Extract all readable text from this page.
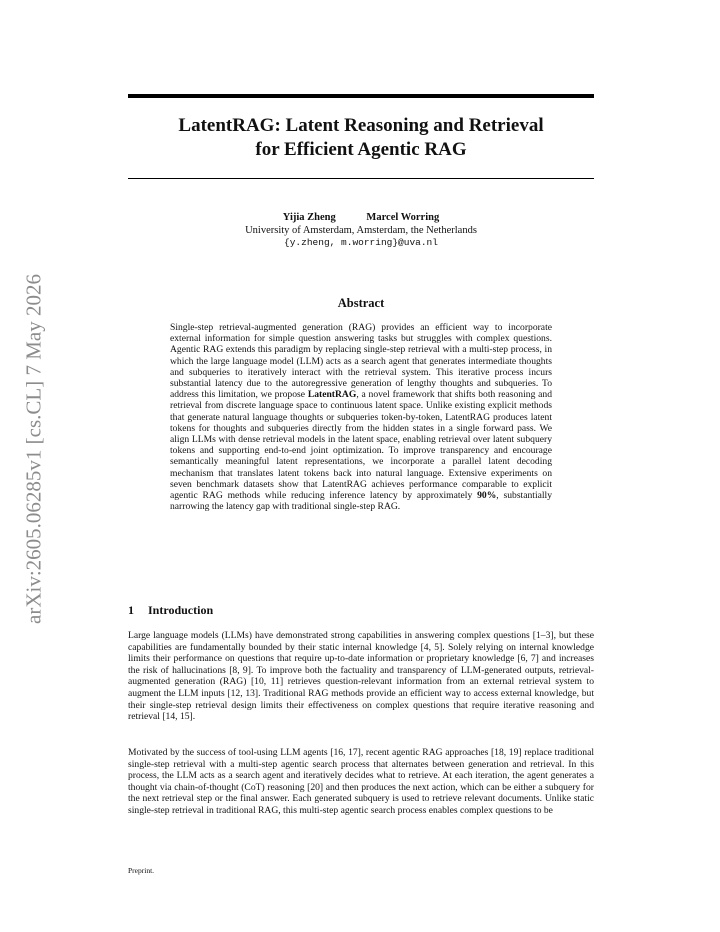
arXiv:2605.06285v1 [cs.CL] 7 May 2026
LatentRAG: Latent Reasoning and Retrieval
for Efficient Agentic RAG
Yijia Zheng	Marcel Worring
University of Amsterdam, Amsterdam, the Netherlands
{y.zheng, m.worring}@uva.nl
Abstract
Single-step retrieval-augmented generation (RAG) provides an efficient way to incorporate external information for simple question answering tasks but struggles with complex questions. Agentic RAG extends this paradigm by replacing single-step retrieval with a multi-step process, in which the large language model (LLM) acts as a search agent that generates intermediate thoughts and subqueries to iteratively interact with the retrieval system. This iterative process incurs substantial latency due to the autoregressive generation of lengthy thoughts and subqueries. To address this limitation, we propose LatentRAG, a novel framework that shifts both reasoning and retrieval from discrete language space to continuous latent space. Unlike existing explicit methods that generate natural language thoughts or subqueries token-by-token, LatentRAG produces latent tokens for thoughts and subqueries directly from the hidden states in a single forward pass. We align LLMs with dense retrieval models in the latent space, enabling retrieval over latent subquery tokens and supporting end-to-end joint optimization. To improve transparency and encourage semantically meaningful latent representations, we incorporate a parallel latent decoding mechanism that translates latent tokens back into natural language. Extensive experiments on seven benchmark datasets show that LatentRAG achieves performance comparable to explicit agentic RAG methods while reducing inference latency by approximately 90%, substantially narrowing the latency gap with traditional single-step RAG.
1 Introduction
Large language models (LLMs) have demonstrated strong capabilities in answering complex questions [1–3], but these capabilities are fundamentally bounded by their static internal knowledge [4, 5]. Solely relying on internal knowledge limits their performance on questions that require up-to-date information or proprietary knowledge [6, 7] and increases the risk of hallucinations [8, 9]. To improve both the factuality and transparency of LLM-generated outputs, retrieval-augmented generation (RAG) [10, 11] retrieves question-relevant information from an external retrieval system to augment the LLM inputs [12, 13]. Traditional RAG methods provide an efficient way to access external knowledge, but their single-step retrieval design limits their effectiveness on complex questions that require iterative reasoning and retrieval [14, 15].
Motivated by the success of tool-using LLM agents [16, 17], recent agentic RAG approaches [18, 19] replace traditional single-step retrieval with a multi-step agentic search process that alternates between generation and retrieval. In this process, the LLM acts as a search agent and iteratively decides what to retrieve. At each iteration, the agent generates a thought via chain-of-thought (CoT) reasoning [20] and then produces the next action, which can be either a subquery for the next retrieval step or the final answer. Each generated subquery is used to retrieve relevant documents. Unlike static single-step retrieval in traditional RAG, this multi-step agentic search process enables complex questions to be
Preprint.
